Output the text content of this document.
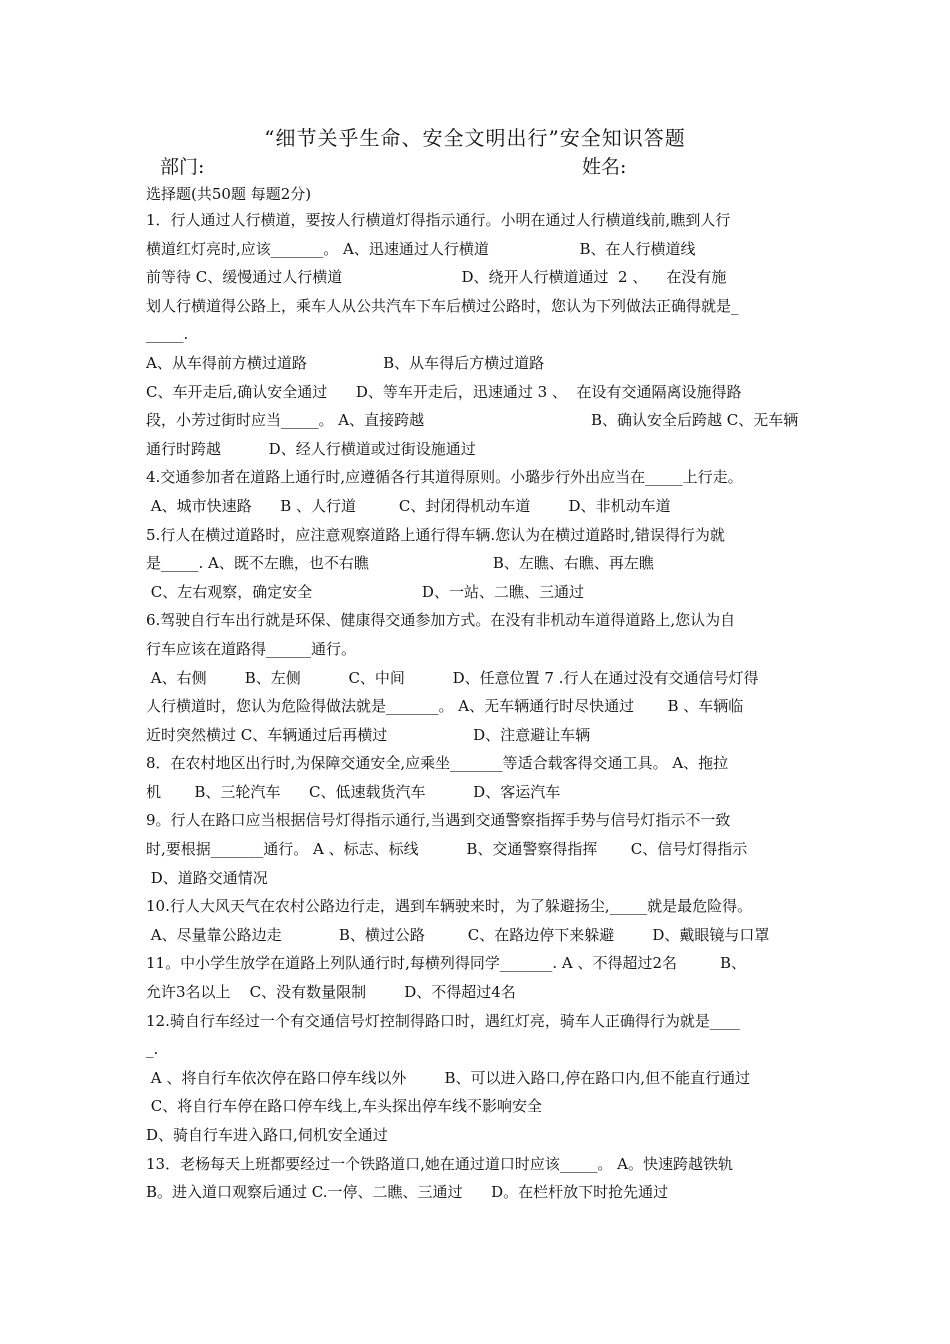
“细节关乎生命、安全文明出行”安全知识答题
部门:	姓名:
选择题(共50题 每题2分)
1．行人通过人行横道，要按人行横道灯得指示通行。小明在通过人行横道线前,瞧到人行
横道红灯亮时,应该_______。 A、迅速通过人行横道                   B、在人行横道线
前等待 C、缓慢通过人行横道                         D、绕开人行横道通过  2 、    在没有施
划人行横道得公路上，乘车人从公共汽车下车后横过公路时，您认为下列做法正确得就是_
_____.
A、从车得前方横过道路                B、从车得后方横过道路
C、车开走后,确认安全通过      D、等车开走后，迅速通过 3 、  在设有交通隔离设施得路
段，小芳过街时应当_____。 A、直接跨越                                   B、确认安全后跨越 C、无车辆
通行时跨越          D、经人行横道或过街设施通过
4.交通参加者在道路上通行时,应遵循各行其道得原则。小璐步行外出应当在_____上行走。
A、城市快速路      B 、人行道         C、封闭得机动车道        D、非机动车道
5.行人在横过道路时，应注意观察道路上通行得车辆.您认为在横过道路时,错误得行为就
是_____. A、既不左瞧，也不右瞧                          B、左瞧、右瞧、再左瞧
C、左右观察，确定安全                       D、一站、二瞧、三通过
6.驾驶自行车出行就是环保、健康得交通参加方式。在没有非机动车道得道路上,您认为自
行车应该在道路得______通行。
A、右侧        B、左侧          C、中间          D、任意位置 7 .行人在通过没有交通信号灯得
人行横道时，您认为危险得做法就是_______。 A、无车辆通行时尽快通过       B 、车辆临
近时突然横过 C、车辆通过后再横过                  D、注意避让车辆
8．在农村地区出行时,为保障交通安全,应乘坐_______等适合载客得交通工具。 A、拖拉
机       B、三轮汽车      C、低速载货汽车          D、客运汽车
9。行人在路口应当根据信号灯得指示通行,当遇到交通警察指挥手势与信号灯指示不一致
时,要根据_______通行。 A 、标志、标线          B、交通警察得指挥       C、信号灯得指示
D、道路交通情况
10.行人大风天气在农村公路边行走，遇到车辆驶来时，为了躲避扬尘,_____就是最危险得。
A、尽量靠公路边走            B、横过公路         C、在路边停下来躲避        D、戴眼镜与口罩
11。中小学生放学在道路上列队通行时,每横列得同学_______. A 、不得超过2名         B、
允许3名以上    C、没有数量限制        D、不得超过4名
12.骑自行车经过一个有交通信号灯控制得路口时，遇红灯亮，骑车人正确得行为就是____
_.
A 、将自行车依次停在路口停车线以外        B、可以进入路口,停在路口内,但不能直行通过
C、将自行车停在路口停车线上,车头探出停车线不影响安全
D、骑自行车进入路口,伺机安全通过
13．老杨每天上班都要经过一个铁路道口,她在通过道口时应该_____。 A。快速跨越铁轨
B。进入道口观察后通过 C.一停、二瞧、三通过      D。在栏杆放下时抢先通过
